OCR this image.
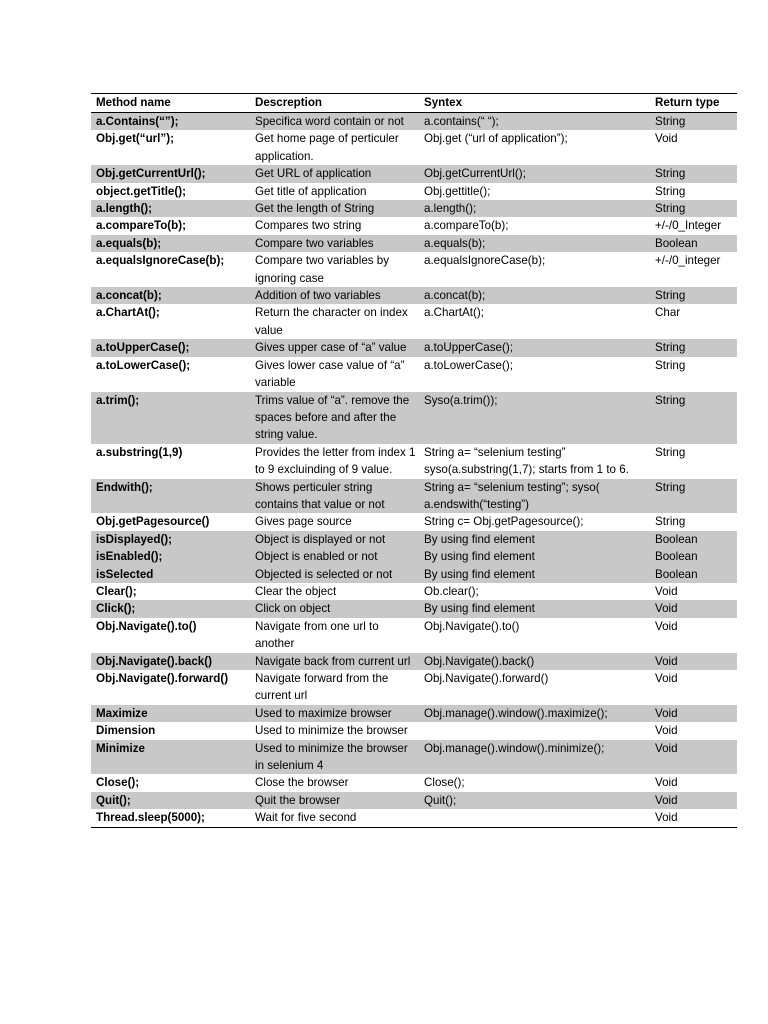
Method name	Descreption	Syntex	Return type
a.Contains(“”);	Specifica word contain or not	a.contains(“ “);	String
Obj.get(“url”);	Get home page of perticuler application.	Obj.get (“url of application”);	Void
Obj.getCurrentUrl();	Get URL of application	Obj.getCurrentUrl();	String
object.getTitle();	Get title of application	Obj.gettitle();	String
a.length();	Get the length of String	a.length();	String
a.compareTo(b);	Compares two string	a.compareTo(b);	+/-/0_Integer
a.equals(b);	Compare two variables	a.equals(b);	Boolean
a.equalsIgnoreCase(b);	Compare two variables by ignoring case	a.equalsIgnoreCase(b);	+/-/0_integer
a.concat(b);	Addition of two variables	a.concat(b);	String
a.ChartAt();	Return the character on index value	a.ChartAt();	Char
a.toUpperCase();	Gives upper case of “a” value	a.toUpperCase();	String
a.toLowerCase();	Gives lower case value of “a” variable	a.toLowerCase();	String
a.trim();	Trims value of “a”. remove the spaces before and after the string value.	Syso(a.trim());	String
a.substring(1,9)	Provides the letter from index 1 to 9 excluinding of 9 value.	String a= “selenium testing” syso(a.substring(1,7); starts from 1 to 6.	String
Endwith();	Shows perticuler string contains that value or not	String a= “selenium testing”; syso( a.endswith(“testing”)	String
Obj.getPagesource()	Gives page source	String c= Obj.getPagesource();	String
isDisplayed();	Object is displayed or not	By using find element	Boolean
isEnabled();	Object is enabled or not	By using find element	Boolean
isSelected	Objected is selected or not	By using find element	Boolean
Clear();	Clear the object	Ob.clear();	Void
Click();	Click on object	By using find element	Void
Obj.Navigate().to()	Navigate from one url to another	Obj.Navigate().to()	Void
Obj.Navigate().back()	Navigate back from current url	Obj.Navigate().back()	Void
Obj.Navigate().forward()	Navigate forward from the current url	Obj.Navigate().forward()	Void
Maximize	Used to maximize browser	Obj.manage().window().maximize();	Void
Dimension	Used to minimize the browser		Void
Minimize	Used to minimize the browser in selenium 4	Obj.manage().window().minimize();	Void
Close();	Close the browser	Close();	Void
Quit();	Quit the browser	Quit();	Void
Thread.sleep(5000);	Wait for five second		Void
